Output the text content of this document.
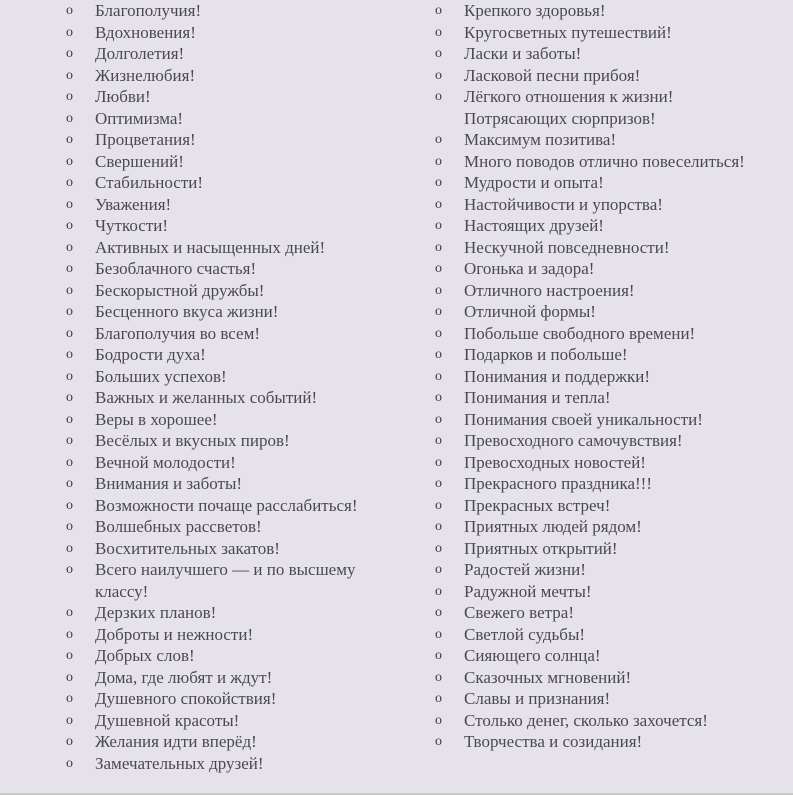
o Благополучия!
o Вдохновения!
o Долголетия!
o Жизнелюбия!
o Любви!
o Оптимизма!
o Процветания!
o Свершений!
o Стабильности!
o Уважения!
o Чуткости!
o Активных и насыщенных дней!
o Безоблачного счастья!
o Бескорыстной дружбы!
o Бесценного вкуса жизни!
o Благополучия во всем!
o Бодрости духа!
o Больших успехов!
o Важных и желанных событий!
o Веры в хорошее!
o Весёлых и вкусных пиров!
o Вечной молодости!
o Внимания и заботы!
o Возможности почаще расслабиться!
o Волшебных рассветов!
o Восхитительных закатов!
o Всего наилучшего — и по высшему классу!
o Дерзких планов!
o Доброты и нежности!
o Добрых слов!
o Дома, где любят и ждут!
o Душевного спокойствия!
o Душевной красоты!
o Желания идти вперёд!
o Замечательных друзей!
o Крепкого здоровья!
o Кругосветных путешествий!
o Ласки и заботы!
o Ласковой песни прибоя!
o Лёгкого отношения к жизни! Потрясающих сюрпризов!
o Максимум позитива!
o Много поводов отлично повеселиться!
o Мудрости и опыта!
o Настойчивости и упорства!
o Настоящих друзей!
o Нескучной повседневности!
o Огонька и задора!
o Отличного настроения!
o Отличной формы!
o Побольше свободного времени!
o Подарков и побольше!
o Понимания и поддержки!
o Понимания и тепла!
o Понимания своей уникальности!
o Превосходного самочувствия!
o Превосходных новостей!
o Прекрасного праздника!!!
o Прекрасных встреч!
o Приятных людей рядом!
o Приятных открытий!
o Радостей жизни!
o Радужной мечты!
o Свежего ветра!
o Светлой судьбы!
o Сияющего солнца!
o Сказочных мгновений!
o Славы и признания!
o Столько денег, сколько захочется!
o Творчества и созидания!
